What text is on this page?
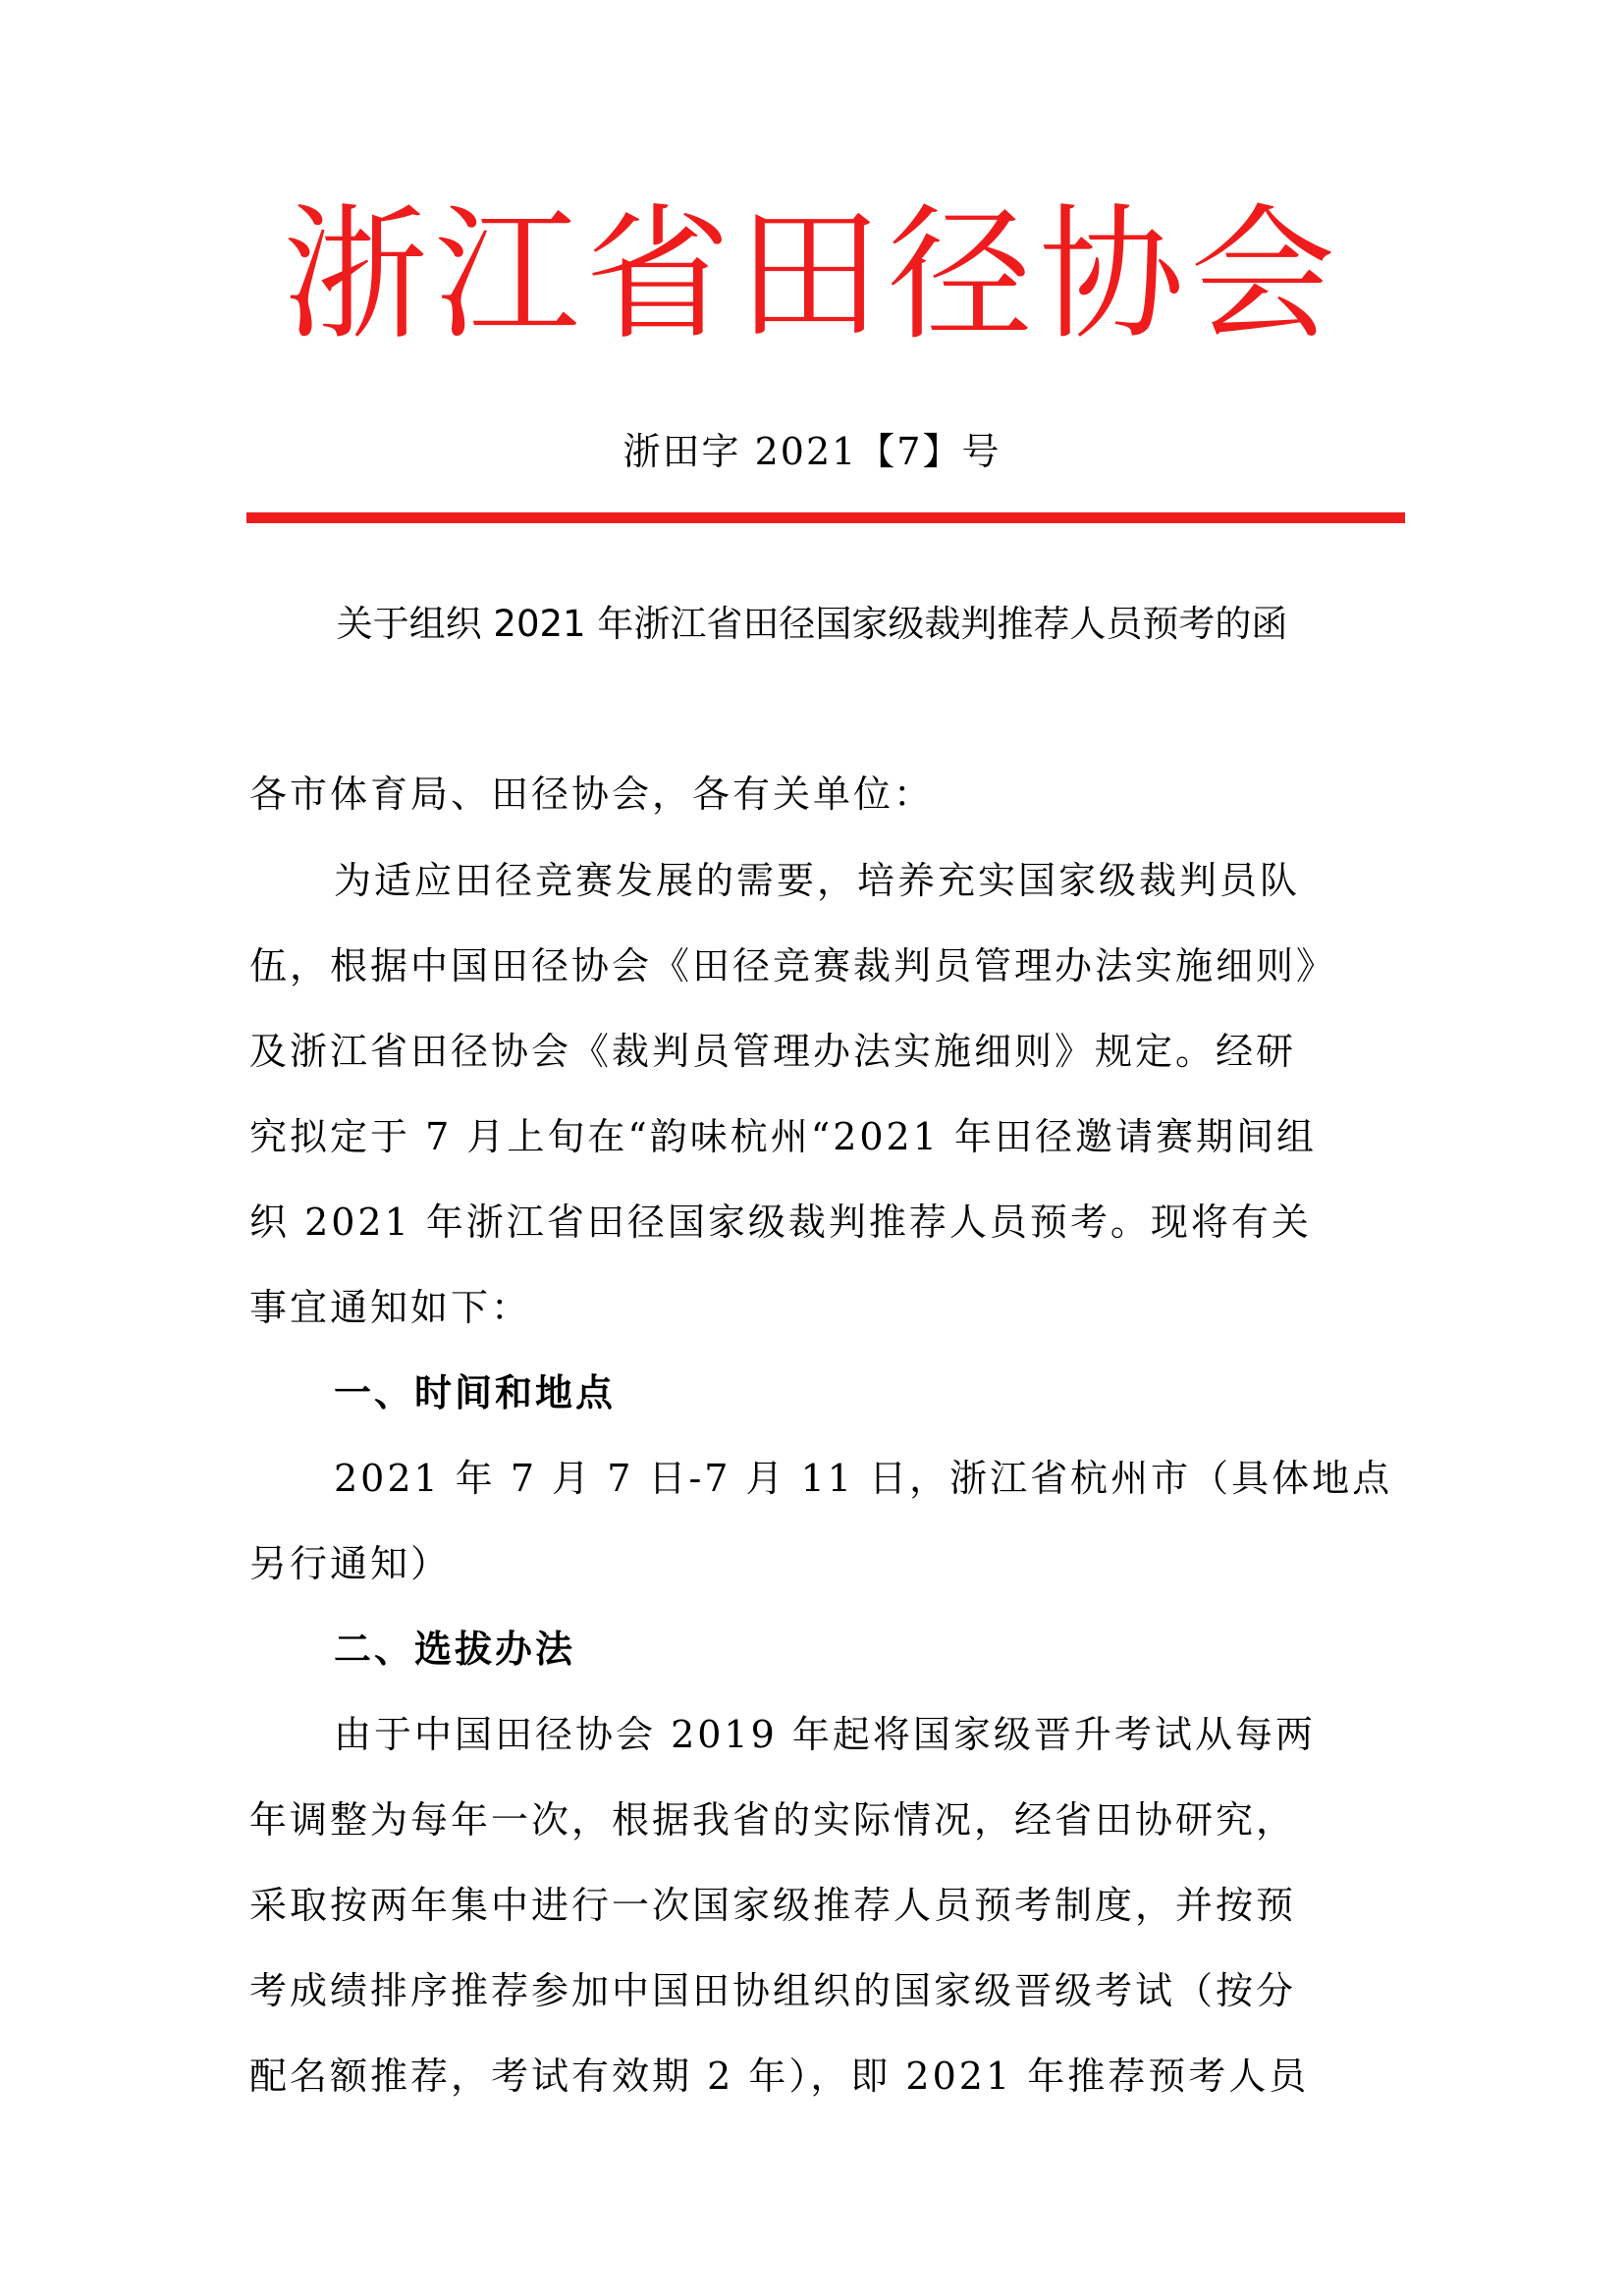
浙江省田径协会
浙田字 2021【7】号
关于组织 2021 年浙江省田径国家级裁判推荐人员预考的函
各市体育局、田径协会，各有关单位：
为适应田径竞赛发展的需要，培养充实国家级裁判员队
伍，根据中国田径协会《田径竞赛裁判员管理办法实施细则》
及浙江省田径协会《裁判员管理办法实施细则》规定。经研
究拟定于 7 月上旬在“韵味杭州“2021 年田径邀请赛期间组
织 2021 年浙江省田径国家级裁判推荐人员预考。现将有关
事宜通知如下：
一、时间和地点
2021 年 7 月 7 日-7 月 11 日，浙江省杭州市（具体地点
另行通知）
二、选拔办法
由于中国田径协会 2019 年起将国家级晋升考试从每两
年调整为每年一次，根据我省的实际情况，经省田协研究，
采取按两年集中进行一次国家级推荐人员预考制度，并按预
考成绩排序推荐参加中国田协组织的国家级晋级考试（按分
配名额推荐，考试有效期 2 年），即 2021 年推荐预考人员
